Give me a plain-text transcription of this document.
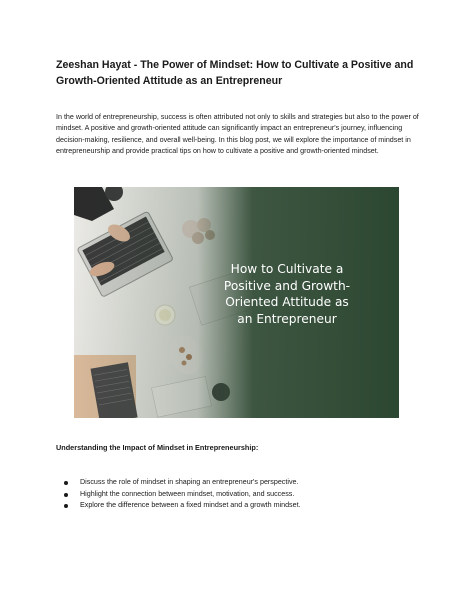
Zeeshan Hayat - The Power of Mindset: How to Cultivate a Positive and Growth-Oriented Attitude as an Entrepreneur

In the world of entrepreneurship, success is often attributed not only to skills and strategies but also to the power of mindset. A positive and growth-oriented attitude can significantly impact an entrepreneur's journey, influencing decision-making, resilience, and overall well-being. In this blog post, we will explore the importance of mindset in entrepreneurship and provide practical tips on how to cultivate a positive and growth-oriented mindset.

How to Cultivate a Positive and Growth-Oriented Attitude as an Entrepreneur
Understanding the Impact of Mindset in Entrepreneurship:
Discuss the role of mindset in shaping an entrepreneur's perspective.
Highlight the connection between mindset, motivation, and success.
Explore the difference between a fixed mindset and a growth mindset.
